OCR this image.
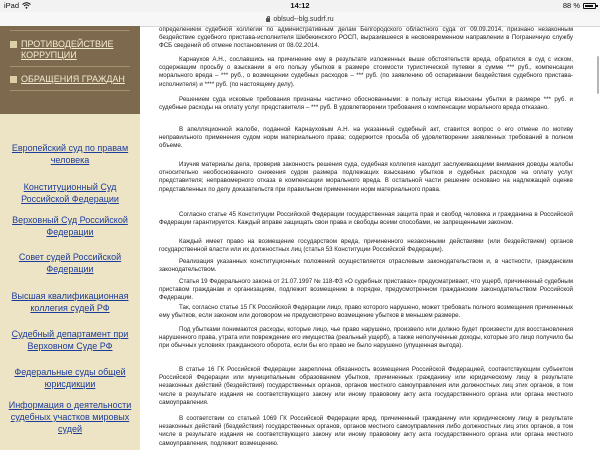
iPad	14:12	88 %
oblsud--blg.sudrf.ru
ПРОТИВОДЕЙСТВИЕ КОРРУПЦИИ
ОБРАЩЕНИЯ ГРАЖДАН
Европейский суд по правам человека
Конституционный Суд Российской Федерации
Верховный Суд Российской Федерации
Совет судей Российской Федерации
Высшая квалификационная коллегия судей РФ
Судебный департамент при Верховном Суде РФ
Федеральные суды общей юрисдикции
Информация о деятельности судебных участков мировых судей

определением судебной коллегии по административным делам Белгородского областного суда от 09.09.2014, признано незаконным бездействие судебного пристава-исполнителя Шебекинского РОСП, выразившееся в несвоевременном направлении в Пограничную службу ФСБ сведений об отмене постановления от 08.02.2014.

Карнаухов А.Н., сославшись на причинение ему в результате изложенных выше обстоятельств вреда, обратился в суд с иском, содержащим просьбу о взыскании в его пользу убытков в размере стоимости туристической путевки в сумме *** руб., компенсации морального вреда – *** руб., о возмещении судебных расходов – *** руб. (по заявлению об оспаривании бездействия судебного пристава-исполнителя) и **** руб. (по настоящему делу).

Решением суда исковые требования признаны частично обоснованными: в пользу истца взысканы убытки в размере *** руб. и судебные расходы на оплату услуг представителя – *** руб. В удовлетворении требования о компенсации морального вреда отказано.

В апелляционной жалобе, поданной Карнауховым А.Н. на указанный судебный акт, ставится вопрос о его отмене по мотиву неправильного применения судом норм материального права; содержится просьба об удовлетворении заявленных требований в полном объеме.

Изучив материалы дела, проверив законность решения суда, судебная коллегия находит заслуживающими внимания доводы жалобы относительно необоснованного снижения судом размера подлежащих взысканию убытков и судебных расходов на оплату услуг представителя; неправомерного отказа в компенсации морального вреда. В остальной части решение основано на надлежащей оценке представленных по делу доказательств при правильном применении норм материального права.

Согласно статье 45 Конституции Российской Федерации государственная защита прав и свобод человека и гражданина в Российской Федерации гарантируется. Каждый вправе защищать свои права и свободы всеми способами, не запрещенными законом.

Каждый имеет право на возмещение государством вреда, причиненного незаконными действиями (или бездействием) органов государственной власти или их должностных лиц (статья 53 Конституции Российской Федерации).

Реализация указанных конституционных положений осуществляется отраслевым законодательством и, в частности, гражданским законодательством.

Статья 19 Федерального закона от 21.07.1997 № 118-ФЗ «О судебных приставах» предусматривает, что ущерб, причиненный судебным приставом гражданам и организациям, подлежит возмещению в порядке, предусмотренном гражданским законодательством Российской Федерации.

Так, согласно статье 15 ГК Российской Федерации лицо, право которого нарушено, может требовать полного возмещения причиненных ему убытков, если законом или договором не предусмотрено возмещение убытков в меньшем размере.

Под убытками понимаются расходы, которые лицо, чье право нарушено, произвело или должно будет произвести для восстановления нарушенного права, утрата или повреждение его имущества (реальный ущерб), а также неполученные доходы, которые это лицо получило бы при обычных условиях гражданского оборота, если бы его право не было нарушено (упущенная выгода).

В статье 16 ГК Российской Федерации закреплена обязанность возмещения Российской Федерацией, соответствующим субъектом Российской Федерации или муниципальным образованием убытков, причиненных гражданину или юридическому лицу в результате незаконных действий (бездействия) государственных органов, органов местного самоуправления или должностных лиц этих органов, в том числе в результате издания не соответствующего закону или иному правовому акту акта государственного органа или органа местного самоуправления.

В соответствии со статьей 1069 ГК Российской Федерации вред, причиненный гражданину или юридическому лицу в результате незаконных действий (бездействия) государственных органов, органов местного самоуправления либо должностных лиц этих органов, в том числе в результате издания не соответствующего закону или иному правовому акту акта государственного органа или органа местного самоуправления, подлежит возмещению.
